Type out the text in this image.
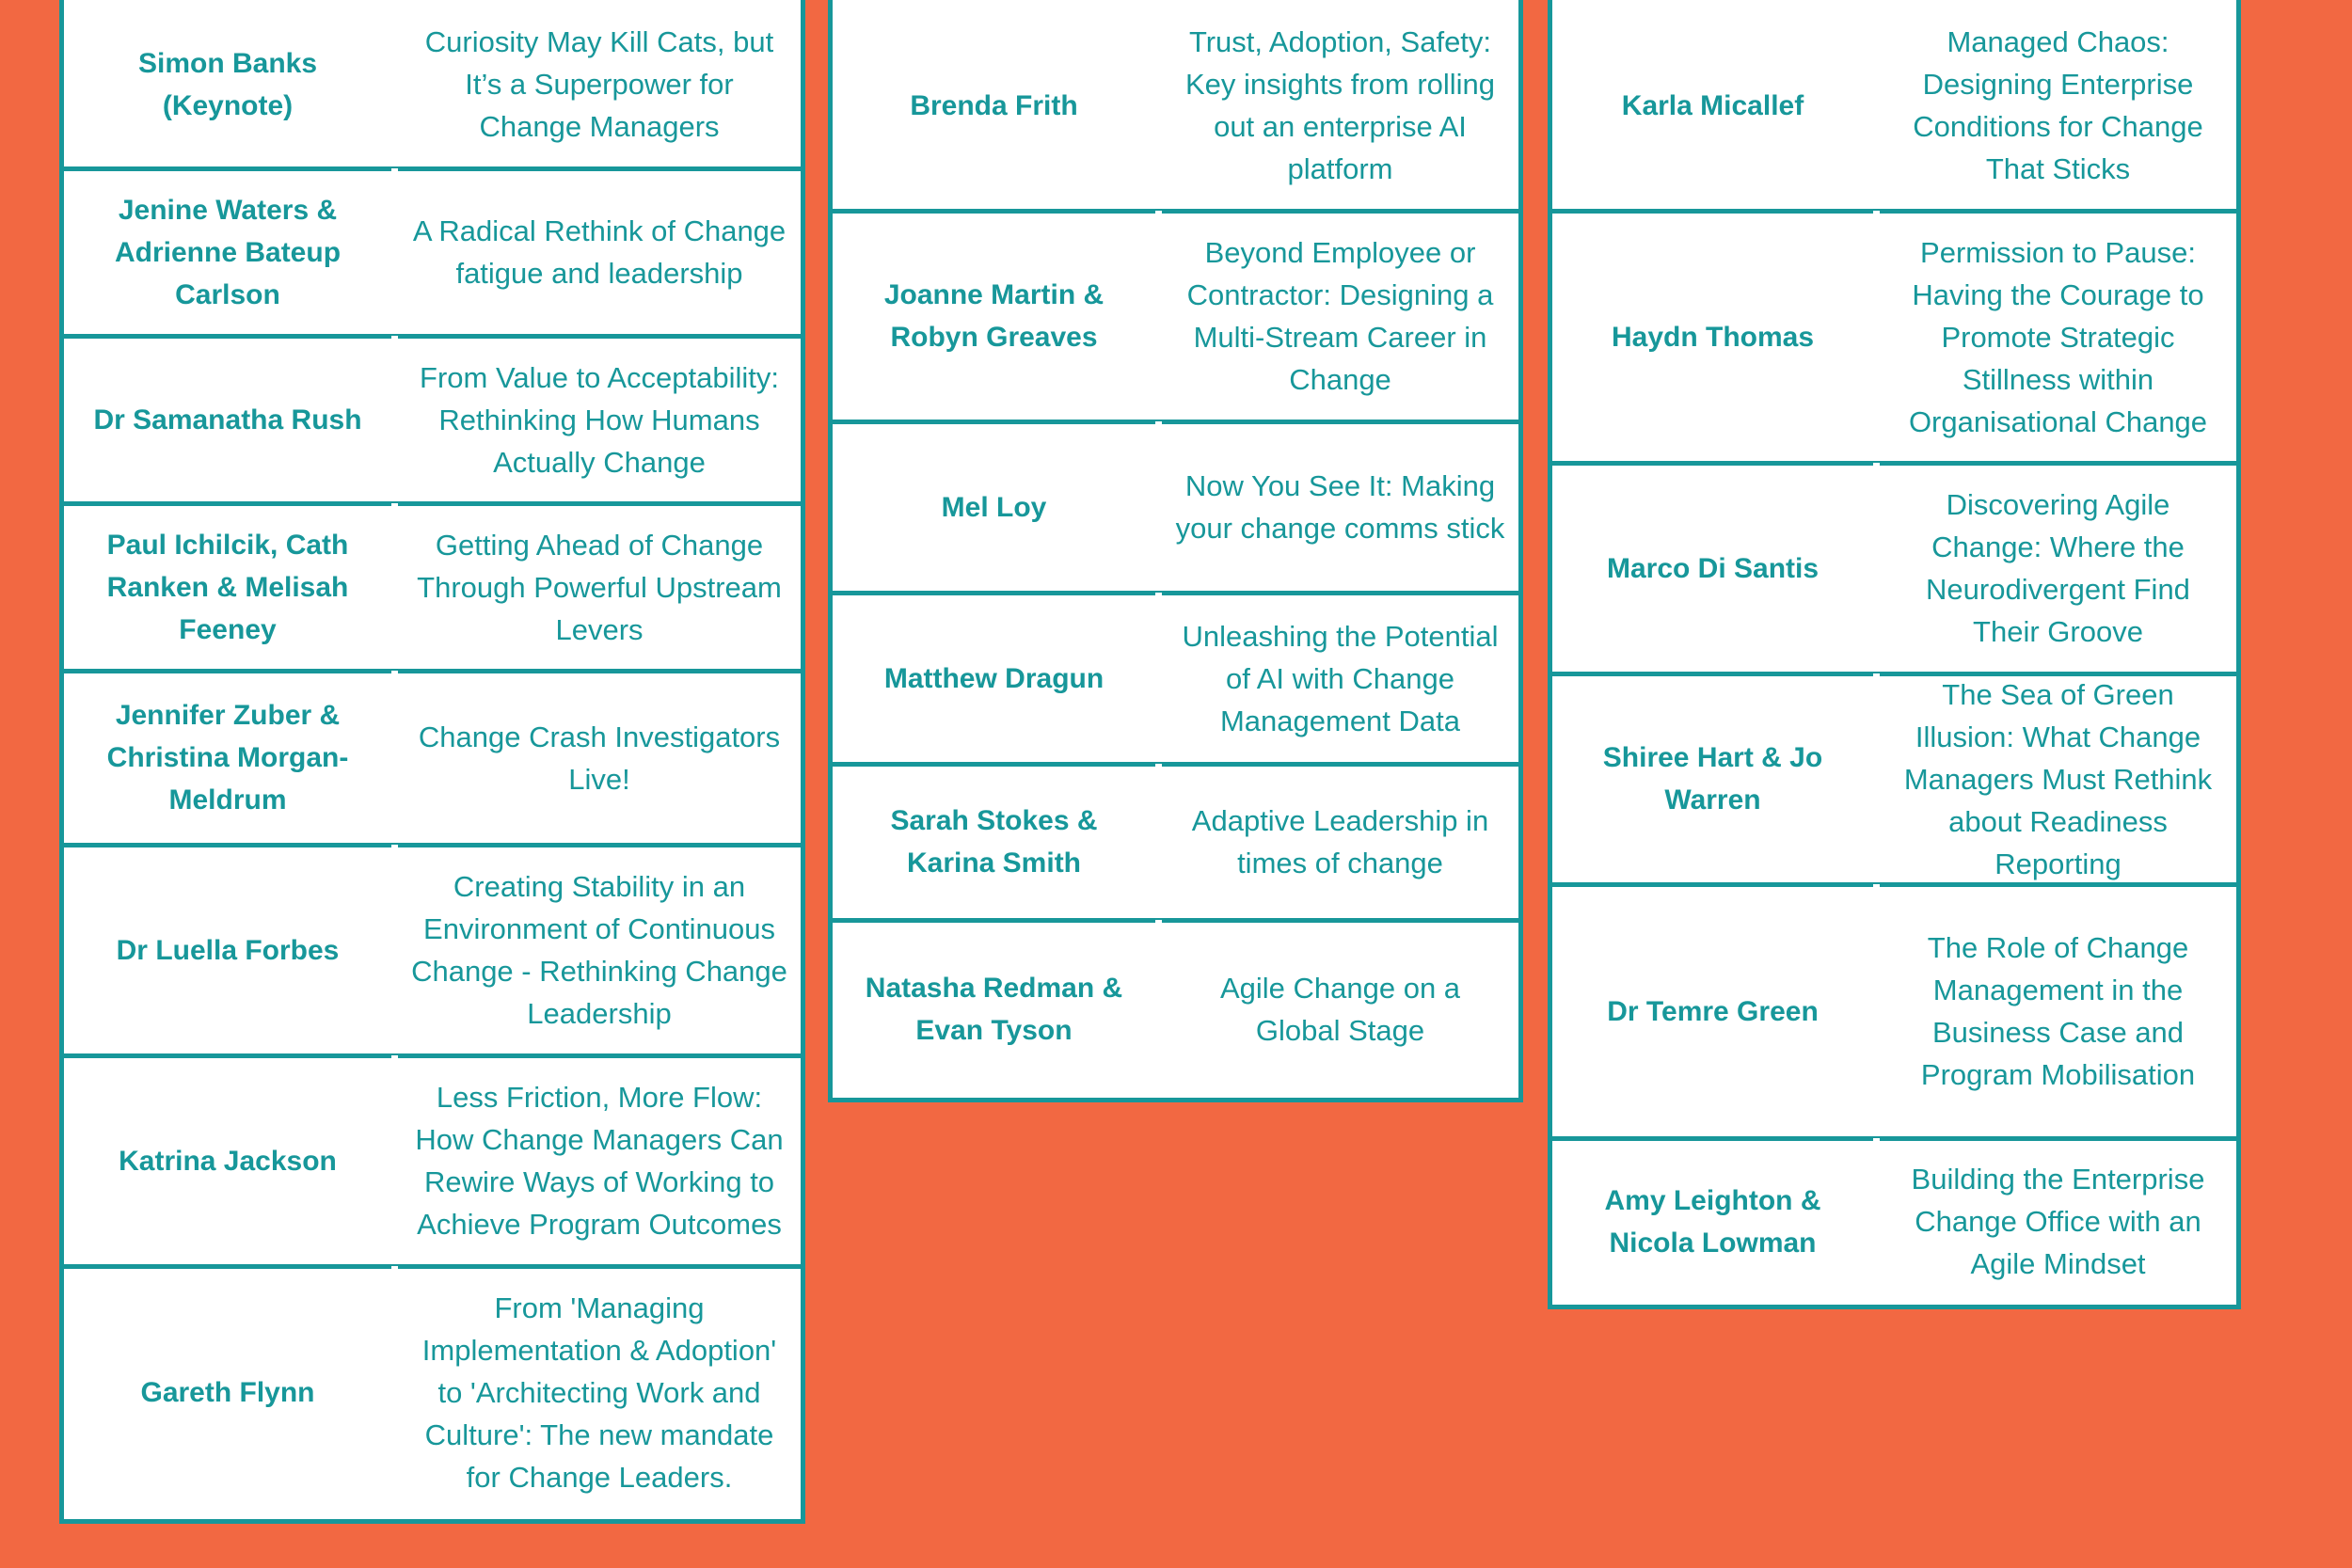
Simon Banks (Keynote)
Curiosity May Kill Cats, but It’s a Superpower for Change Managers
Jenine Waters & Adrienne Bateup Carlson
A Radical Rethink of Change fatigue and leadership
Dr Samanatha Rush
From Value to Acceptability: Rethinking How Humans Actually Change
Paul Ichilcik, Cath Ranken & Melisah Feeney
Getting Ahead of Change Through Powerful Upstream Levers
Jennifer Zuber & Christina Morgan-Meldrum
Change Crash Investigators Live!
Dr Luella Forbes
Creating Stability in an Environment of Continuous Change - Rethinking Change Leadership
Katrina Jackson
Less Friction, More Flow: How Change Managers Can Rewire Ways of Working to Achieve Program Outcomes
Gareth Flynn
From 'Managing Implementation & Adoption' to 'Architecting Work and Culture': The new mandate for Change Leaders.
Brenda Frith
Trust, Adoption, Safety: Key insights from rolling out an enterprise AI platform
Joanne Martin & Robyn Greaves
Beyond Employee or Contractor: Designing a Multi-Stream Career in Change
Mel Loy
Now You See It: Making your change comms stick
Matthew Dragun
Unleashing the Potential of AI with Change Management Data
Sarah Stokes & Karina Smith
Adaptive Leadership in times of change
Natasha Redman & Evan Tyson
Agile Change on a Global Stage
Karla Micallef
Managed Chaos: Designing Enterprise Conditions for Change That Sticks
Haydn Thomas
Permission to Pause: Having the Courage to Promote Strategic Stillness within Organisational Change
Marco Di Santis
Discovering Agile Change: Where the Neurodivergent Find Their Groove
Shiree Hart & Jo Warren
The Sea of Green Illusion: What Change Managers Must Rethink about Readiness Reporting
Dr Temre Green
The Role of Change Management in the Business Case and Program Mobilisation
Amy Leighton & Nicola Lowman
Building the Enterprise Change Office with an Agile Mindset
